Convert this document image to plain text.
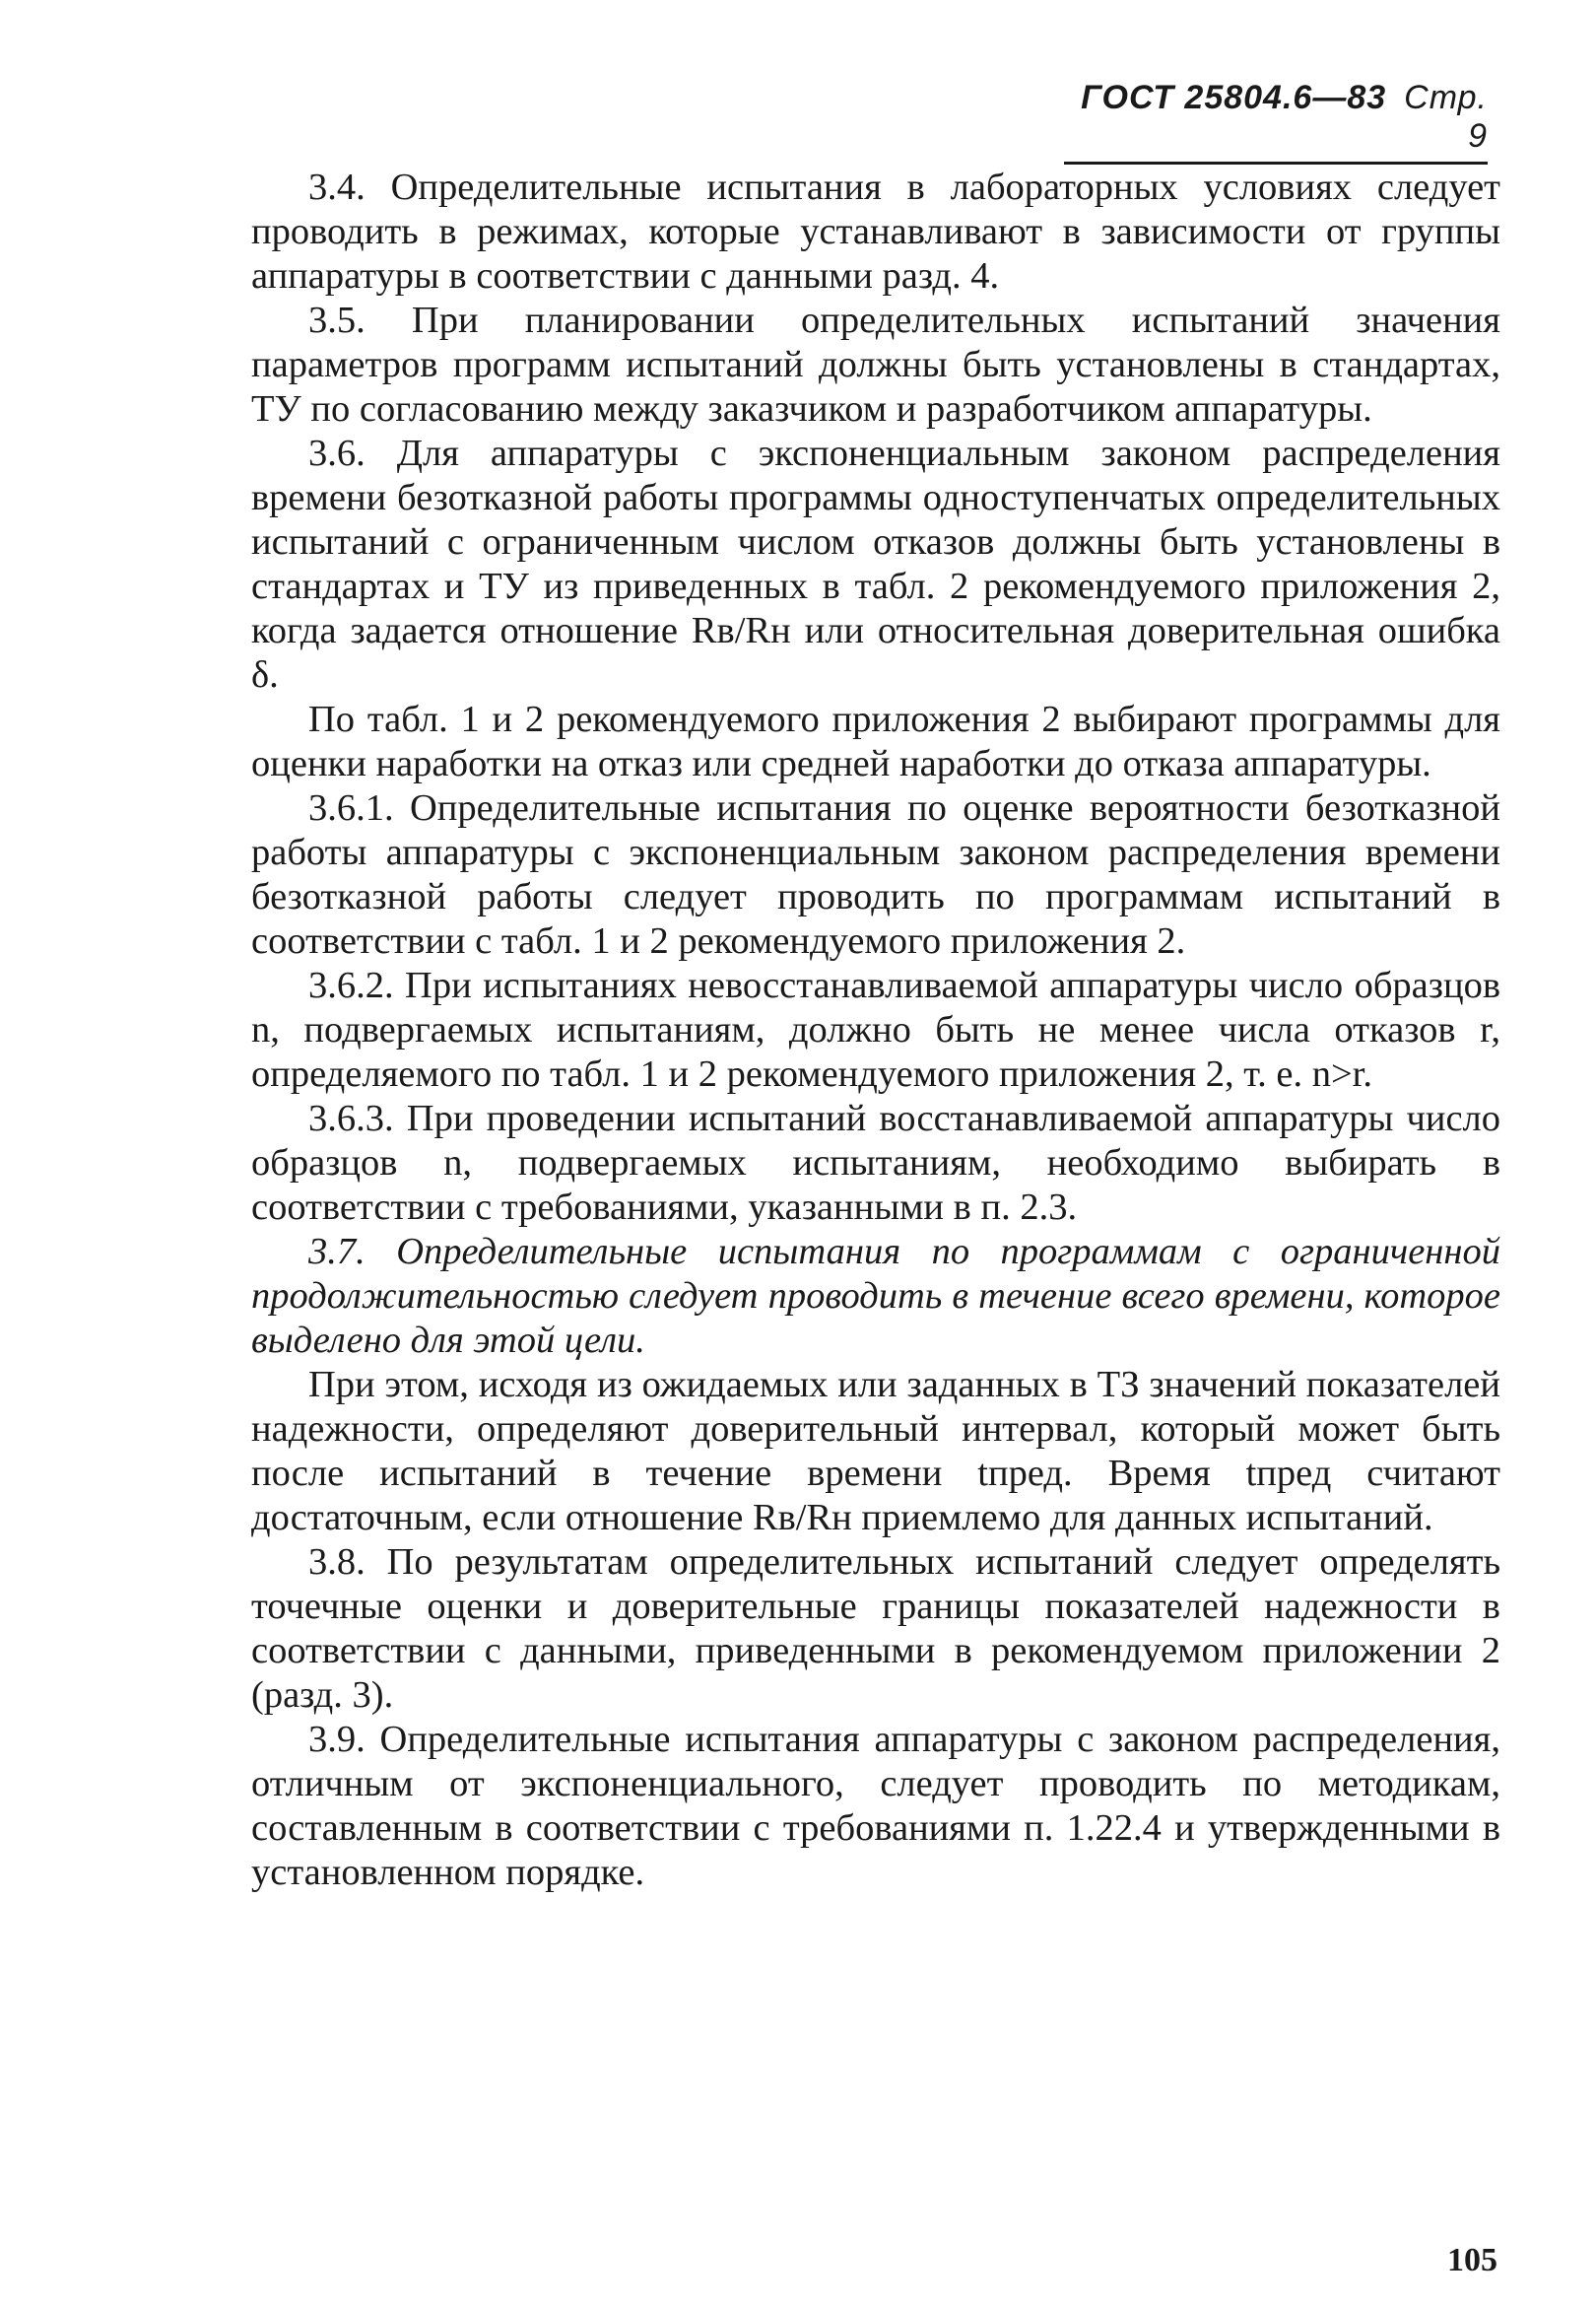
ГОСТ 25804.6—83 Стр. 9

3.4. Определительные испытания в лабораторных условиях следует проводить в режимах, которые устанавливают в зависимости от группы аппаратуры в соответствии с данными разд. 4.

3.5. При планировании определительных испытаний значения параметров программ испытаний должны быть установлены в стандартах, ТУ по согласованию между заказчиком и разработчиком аппаратуры.

3.6. Для аппаратуры с экспоненциальным законом распределения времени безотказной работы программы одноступенчатых определительных испытаний с ограниченным числом отказов должны быть установлены в стандартах и ТУ из приведенных в табл. 2 рекомендуемого приложения 2, когда задается отношение Rв/Rн или относительная доверительная ошибка δ.

По табл. 1 и 2 рекомендуемого приложения 2 выбирают программы для оценки наработки на отказ или средней наработки до отказа аппаратуры.

3.6.1. Определительные испытания по оценке вероятности безотказной работы аппаратуры с экспоненциальным законом распределения времени безотказной работы следует проводить по программам испытаний в соответствии с табл. 1 и 2 рекомендуемого приложения 2.

3.6.2. При испытаниях невосстанавливаемой аппаратуры число образцов n, подвергаемых испытаниям, должно быть не менее числа отказов r, определяемого по табл. 1 и 2 рекомендуемого приложения 2, т. е. n>r.

3.6.3. При проведении испытаний восстанавливаемой аппаратуры число образцов n, подвергаемых испытаниям, необходимо выбирать в соответствии с требованиями, указанными в п. 2.3.

3.7. Определительные испытания по программам с ограниченной продолжительностью следует проводить в течение всего времени, которое выделено для этой цели.

При этом, исходя из ожидаемых или заданных в ТЗ значений показателей надежности, определяют доверительный интервал, который может быть после испытаний в течение времени tпред. Время tпред считают достаточным, если отношение Rв/Rн приемлемо для данных испытаний.

3.8. По результатам определительных испытаний следует определять точечные оценки и доверительные границы показателей надежности в соответствии с данными, приведенными в рекомендуемом приложении 2 (разд. 3).

3.9. Определительные испытания аппаратуры с законом распределения, отличным от экспоненциального, следует проводить по методикам, составленным в соответствии с требованиями п. 1.22.4 и утвержденными в установленном порядке.

105
